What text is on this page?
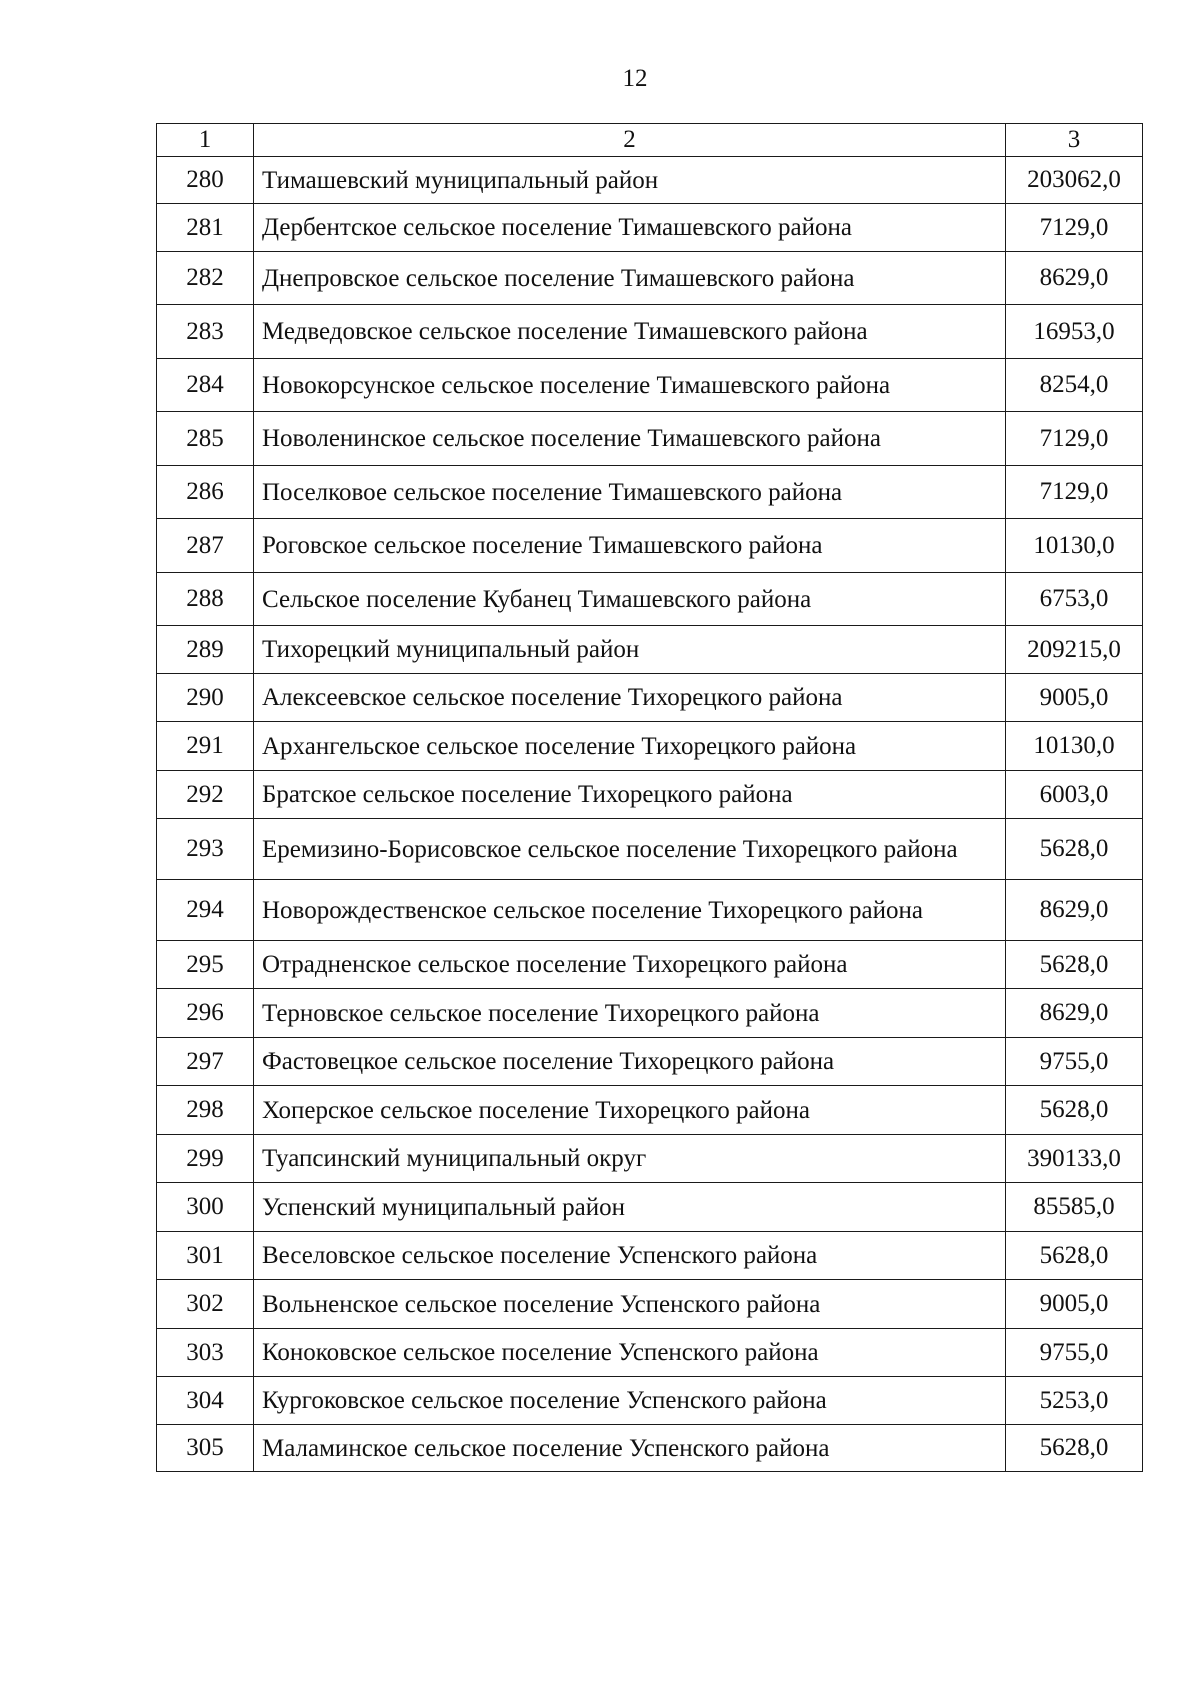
12
1	2	3
280	Тимашевский муниципальный район	203062,0
281	Дербентское сельское поселение Тимашевского района	7129,0
282	Днепровское сельское поселение Тимашевского района	8629,0
283	Медведовское сельское поселение Тимашевского района	16953,0
284	Новокорсунское сельское поселение Тимашевского района	8254,0
285	Новоленинское сельское поселение Тимашевского района	7129,0
286	Поселковое сельское поселение Тимашевского района	7129,0
287	Роговское сельское поселение Тимашевского района	10130,0
288	Сельское поселение Кубанец Тимашевского района	6753,0
289	Тихорецкий муниципальный район	209215,0
290	Алексеевское сельское поселение Тихорецкого района	9005,0
291	Архангельское сельское поселение Тихорецкого района	10130,0
292	Братское сельское поселение Тихорецкого района	6003,0
293	Еремизино-Борисовское сельское поселение Тихорецкого района	5628,0
294	Новорождественское сельское поселение Тихорецкого района	8629,0
295	Отрадненское сельское поселение Тихорецкого района	5628,0
296	Терновское сельское поселение Тихорецкого района	8629,0
297	Фастовецкое сельское поселение Тихорецкого района	9755,0
298	Хоперское сельское поселение Тихорецкого района	5628,0
299	Туапсинский муниципальный округ	390133,0
300	Успенский муниципальный район	85585,0
301	Веселовское сельское поселение Успенского района	5628,0
302	Вольненское сельское поселение Успенского района	9005,0
303	Коноковское сельское поселение Успенского района	9755,0
304	Кургоковское сельское поселение Успенского района	5253,0
305	Маламинское сельское поселение Успенского района	5628,0
